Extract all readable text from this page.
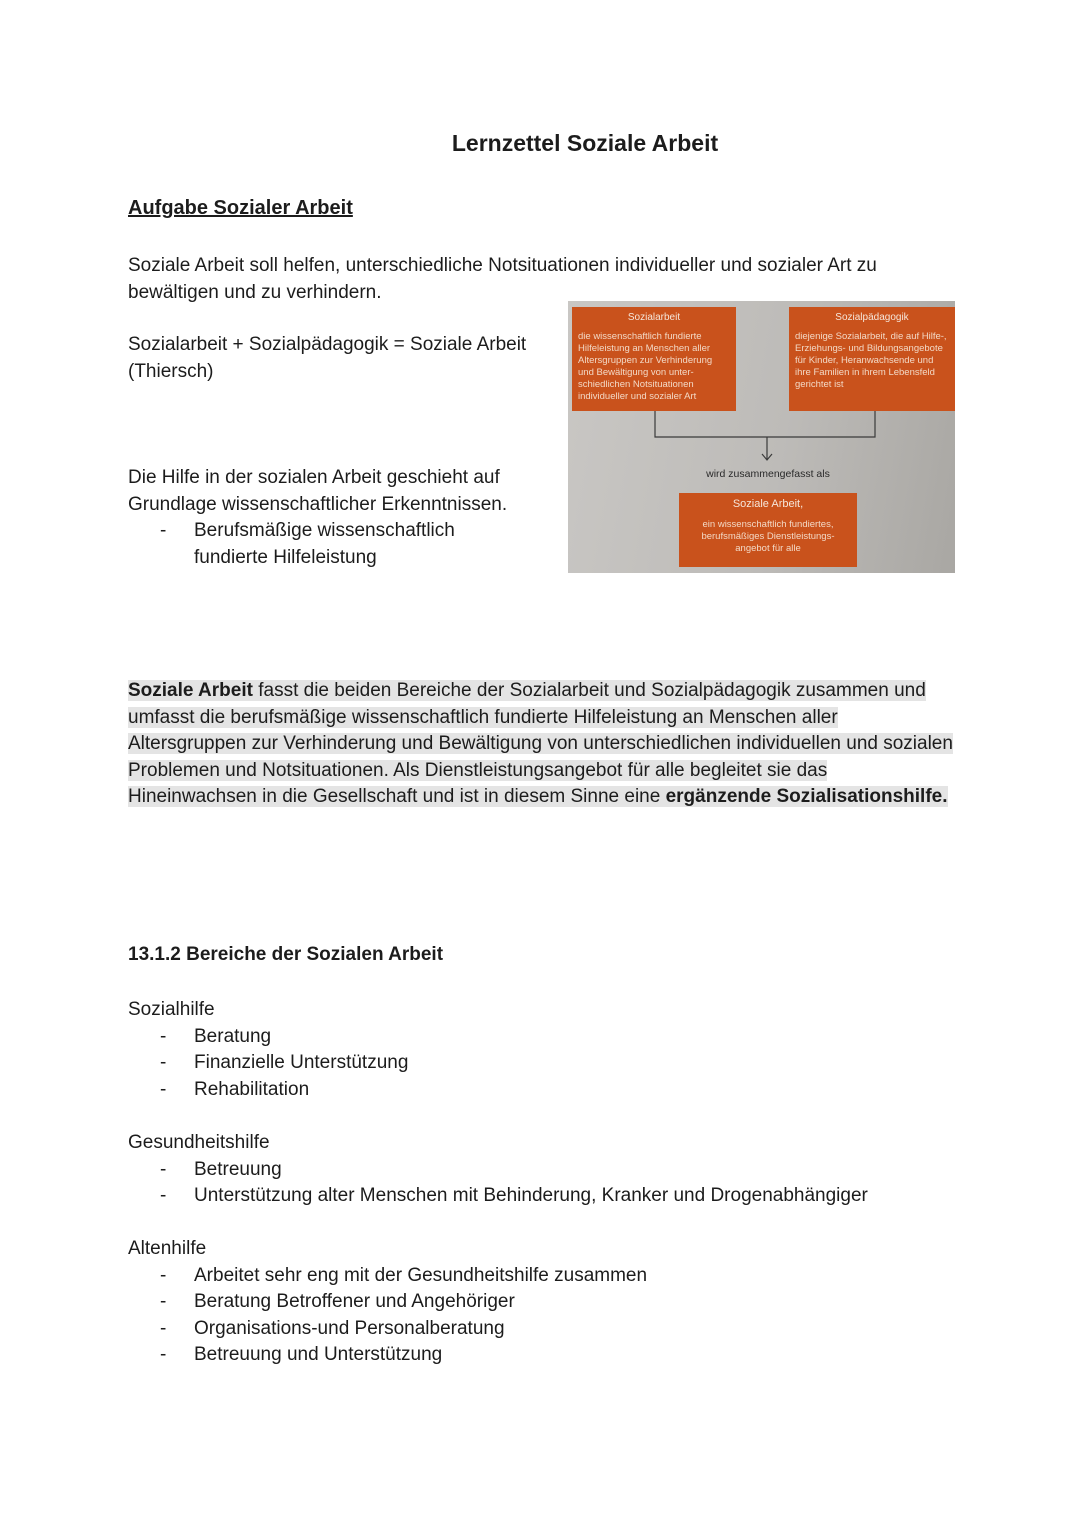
Lernzettel Soziale Arbeit
Aufgabe Sozialer Arbeit
Soziale Arbeit soll helfen, unterschiedliche Notsituationen individueller und sozialer Art zu
bewältigen und zu verhindern.
Sozialarbeit + Sozialpädagogik = Soziale Arbeit
(Thiersch)
Die Hilfe in der sozialen Arbeit geschieht auf
Grundlage wissenschaftlicher Erkenntnissen.
- Berufsmäßige wissenschaftlich
fundierte Hilfeleistung
Sozialarbeit
die wissenschaftlich fundierte Hilfeleistung an Menschen aller Altersgruppen zur Verhinderung und Bewältigung von unterschiedlichen Notsituationen individueller und sozialer Art
Sozialpädagogik
diejenige Sozialarbeit, die auf Hilfe-, Erziehungs- und Bildungsangebote für Kinder, Heranwachsende und ihre Familien in ihrem Lebensfeld gerichtet ist
wird zusammengefasst als
Soziale Arbeit,
ein wissenschaftlich fundiertes, berufsmäßiges Dienstleistungsangebot für alle
Soziale Arbeit fasst die beiden Bereiche der Sozialarbeit und Sozialpädagogik zusammen und umfasst die berufsmäßige wissenschaftlich fundierte Hilfeleistung an Menschen aller Altersgruppen zur Verhinderung und Bewältigung von unterschiedlichen individuellen und sozialen Problemen und Notsituationen. Als Dienstleistungsangebot für alle begleitet sie das Hineinwachsen in die Gesellschaft und ist in diesem Sinne eine ergänzende Sozialisationshilfe.
13.1.2 Bereiche der Sozialen Arbeit
Sozialhilfe
- Beratung
- Finanzielle Unterstützung
- Rehabilitation
Gesundheitshilfe
- Betreuung
- Unterstützung alter Menschen mit Behinderung, Kranker und Drogenabhängiger
Altenhilfe
- Arbeitet sehr eng mit der Gesundheitshilfe zusammen
- Beratung Betroffener und Angehöriger
- Organisations-und Personalberatung
- Betreuung und Unterstützung
